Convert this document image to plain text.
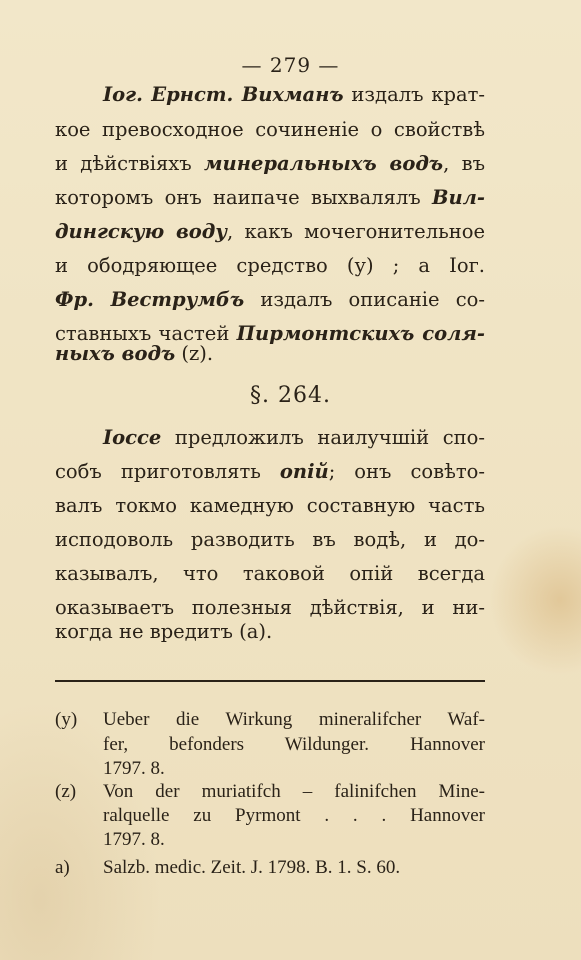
— 279 —
Іог. Ернст. Вихманъ издалъ крат-
кое превосходное сочиненіе о свойствѣ
и дѣйствіяхъ минеральныхъ водъ, въ
которомъ онъ наипаче выхвалялъ Вил-
дингскую воду, какъ мочегонительное
и ободряющее средство (у) ; а Іог.
Фр. Веструмбъ издалъ описаніе со-
ставныхъ частей Пирмонтскихъ соля-
ныхъ водъ (z).
§. 264.
Іоссе предложилъ наилучшій спо-
собъ приготовлять опій; онъ совѣто-
валъ токмо камедную составную часть
исподоволь разводить въ водѣ, и до-
казывалъ, что таковой опій всегда
оказываетъ полезныя дѣйствія, и ни-
когда не вредитъ (а).
(y) Ueber die Wirkung mineralifcher Waf-
fer, befonders Wildunger. Hannover
1797. 8.
(z) Von der muriatifch – falinifchen Mine-
ralquelle zu Pyrmont . . . Hannover
1797. 8.
a) Salzb. medic. Zeit. J. 1798. B. 1. S. 60.
